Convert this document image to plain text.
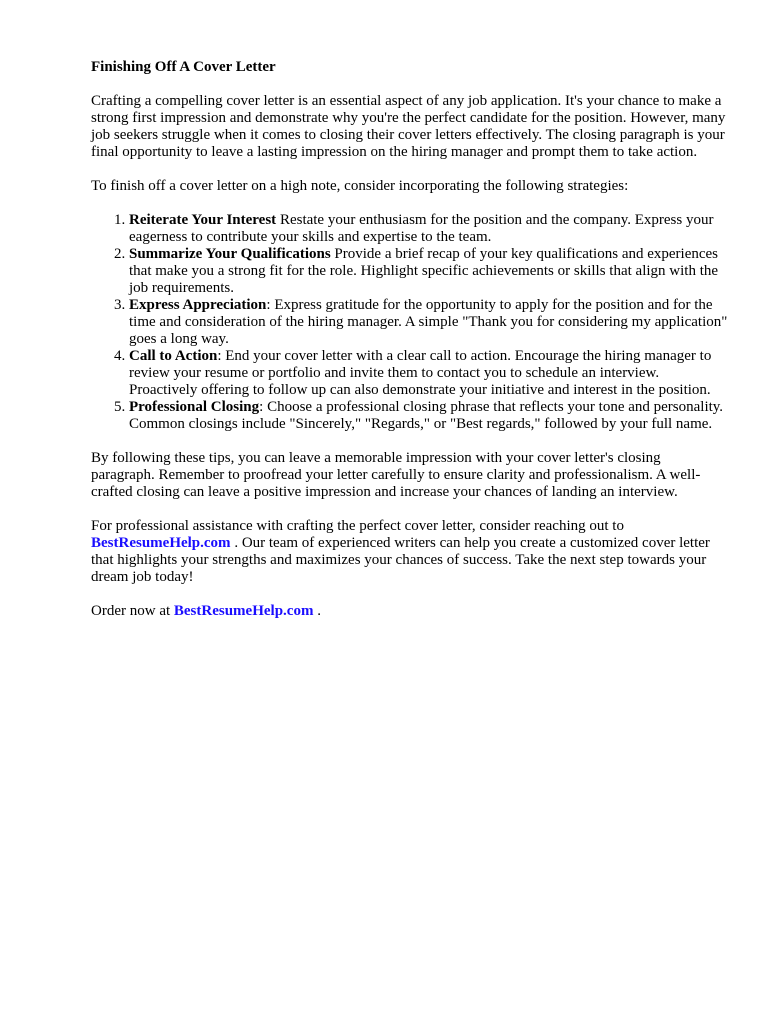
Finishing Off A Cover Letter

Crafting a compelling cover letter is an essential aspect of any job application. It's your chance to make a strong first impression and demonstrate why you're the perfect candidate for the position. However, many job seekers struggle when it comes to closing their cover letters effectively. The closing paragraph is your final opportunity to leave a lasting impression on the hiring manager and prompt them to take action.

To finish off a cover letter on a high note, consider incorporating the following strategies:

1. Reiterate Your Interest Restate your enthusiasm for the position and the company. Express your eagerness to contribute your skills and expertise to the team.
2. Summarize Your Qualifications Provide a brief recap of your key qualifications and experiences that make you a strong fit for the role. Highlight specific achievements or skills that align with the job requirements.
3. Express Appreciation: Express gratitude for the opportunity to apply for the position and for the time and consideration of the hiring manager. A simple "Thank you for considering my application" goes a long way.
4. Call to Action: End your cover letter with a clear call to action. Encourage the hiring manager to review your resume or portfolio and invite them to contact you to schedule an interview. Proactively offering to follow up can also demonstrate your initiative and interest in the position.
5. Professional Closing: Choose a professional closing phrase that reflects your tone and personality. Common closings include "Sincerely," "Regards," or "Best regards," followed by your full name.

By following these tips, you can leave a memorable impression with your cover letter's closing paragraph. Remember to proofread your letter carefully to ensure clarity and professionalism. A well-crafted closing can leave a positive impression and increase your chances of landing an interview.

For professional assistance with crafting the perfect cover letter, consider reaching out to BestResumeHelp.com . Our team of experienced writers can help you create a customized cover letter that highlights your strengths and maximizes your chances of success. Take the next step towards your dream job today!

Order now at BestResumeHelp.com .
